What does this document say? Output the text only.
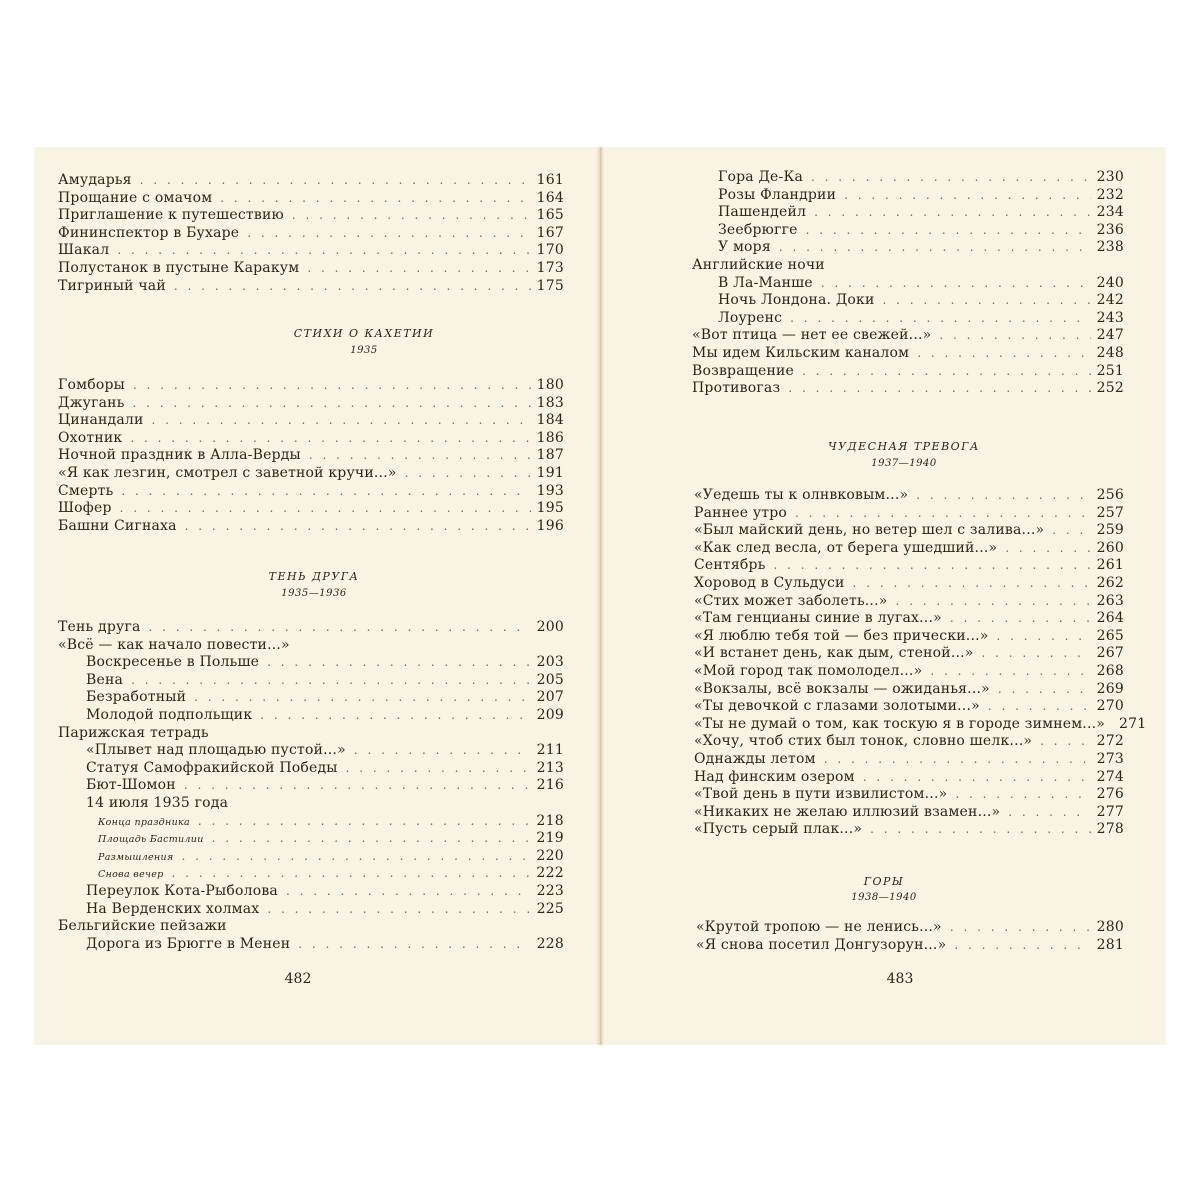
СТИХИ О КАХЕТИИ
1935
ТЕНЬ ДРУГА
1935—1936
482
Амударья . . .	161
Прощание с омачом . . .	164
Приглашение к путешествию . . .	165
Фининспектор в Бухаре . . .	167
Шакал . . .	170
Полустанок в пустыне Каракум . . .	173
Тигриный чай . . .	175
Гомборы . . .	180
Джугань . . .	183
Цинандали . . .	184
Охотник . . .	186
Ночной праздник в Алла-Верды . . .	187
«Я как лезгин, смотрел с заветной кручи...» . . .	191
Смерть . . .	193
Шофер . . .	195
Башни Сигнаха . . .	196
Тень друга . . .	200
«Всё — как начало повести...»
Воскресенье в Польше . . .	203
Вена . . .	205
Безработный . . .	207
Молодой подпольщик . . .	209
Парижская тетрадь
«Плывет над площадью пустой...» . . .	211
Статуя Самофракийской Победы . . .	213
Бют-Шомон . . .	216
14 июля 1935 года
Конца праздника . . .	218
Площадь Бастилии . . .	219
Размышления . . .	220
Снова вечер . . .	222
Переулок Кота-Рыболова . . .	223
На Верденских холмах . . .	225
Бельгийские пейзажи
Дорога из Брюгге в Менен . . .	228
ЧУДЕСНАЯ ТРЕВОГА
1937—1940
ГОРЫ
1938—1940
483
Гора Де-Ка . . .	230
Розы Фландрии . . .	232
Пашендейл . . .	234
Зеебрюгге . . .	236
У моря . . .	238
Английские ночи
В Ла-Манше . . .	240
Ночь Лондона. Доки . . .	242
Лоуренс . . .	243
«Вот птица — нет ее свежей...» . . .	247
Мы идем Кильским каналом . . .	248
Возвращение . . .	251
Противогаз . . .	252
«Уедешь ты к олнвковым...» . . .	256
Раннее утро . . .	257
«Был майский день, но ветер шел с залива...» . . .	259
«Как след весла, от берега ушедший...» . . .	260
Сентябрь . . .	261
Хоровод в Сульдуси . . .	262
«Стих может заболеть...» . . .	263
«Там генцианы синие в лугах...» . . .	264
«Я люблю тебя той — без прически...» . . .	265
«И встанет день, как дым, стеной...» . . .	267
«Мой город так помолодел...» . . .	268
«Вокзалы, всё вокзалы — ожиданья...» . . .	269
«Ты девочкой с глазами золотыми...» . . .	270
«Ты не думай о том, как тоскую я в городе зимнем...» 271
«Хочу, чтоб стих был тонок, словно шелк...» . . .	272
Однажды летом . . .	273
Над финским озером . . .	274
«Твой день в пути извилистом...» . . .	276
«Никаких не желаю иллюзий взамен...» . . .	277
«Пусть серый плак...» . . .	278
«Крутой тропою — не ленись...» . . .	280
«Я снова посетил Донгузорун...» . . .	281
